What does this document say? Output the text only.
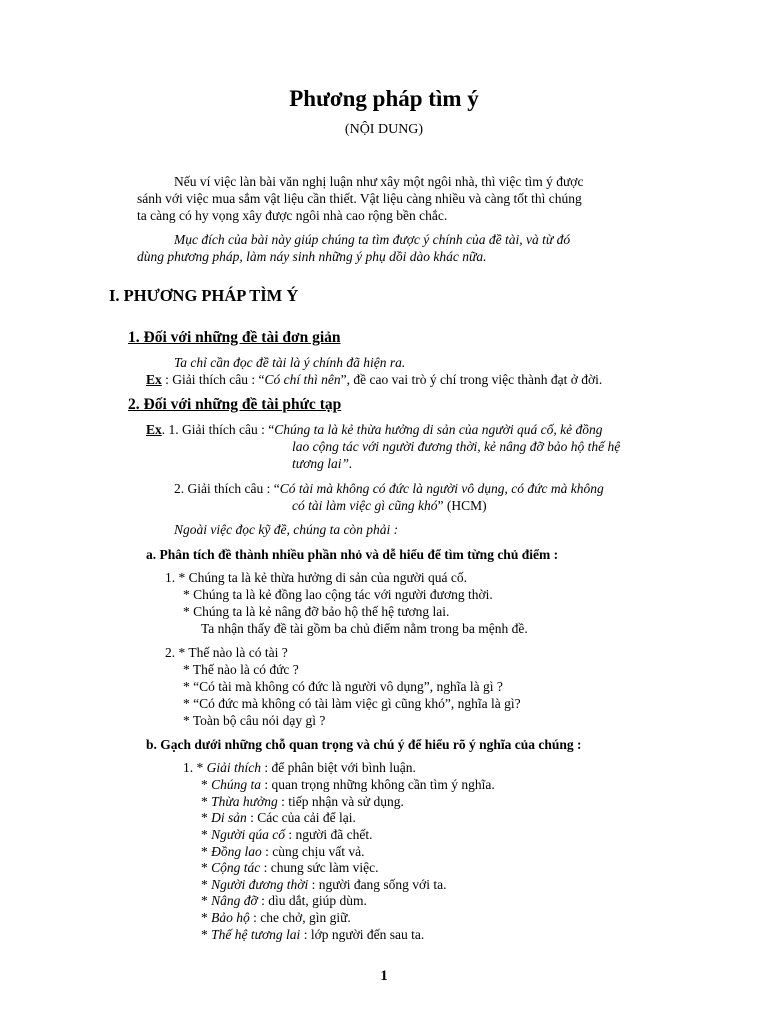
Phương pháp tìm ý
(NỘI DUNG)
Nếu ví việc làn bài văn nghị luận như xây một ngôi nhà, thì việc tìm ý được
sánh với việc mua sắm vật liệu cần thiết. Vật liệu càng nhiều và càng tốt thì chúng
ta càng có hy vọng xây được ngôi nhà cao rộng bền chắc.
Mục đích của bài này giúp chúng ta tìm được ý chính của đề tài, và từ đó
dùng phương pháp, làm náy sinh những ý phụ dồi dào khác nữa.
I. PHƯƠNG PHÁP TÌM Ý
1. Đối với những đề tài đơn giản
Ta chỉ cần đọc đề tài là ý chính đã hiện ra.
Ex : Giải thích câu : “Có chí thì nên”, đề cao vai trò ý chí trong việc thành đạt ở đời.
2. Đối với những đề tài phức tạp
Ex. 1. Giải thích câu : “Chúng ta là kẻ thừa hưởng di sản của người quá cố, kẻ đồng
lao cộng tác với người đương thời, kẻ nâng đỡ bảo hộ thế hệ
tương lai”.
2. Giải thích câu : “Có tài mà không có đức là người vô dụng, có đức mà không
có tài làm việc gì cũng khó” (HCM)
Ngoài việc đọc kỹ đề, chúng ta còn phải :
a. Phân tích đề thành nhiều phần nhỏ và dễ hiểu để tìm từng chủ điểm :
1. * Chúng ta là kẻ thừa hưởng di sản của người quá cố.
* Chúng ta là kẻ đồng lao cộng tác với người đương thời.
* Chúng ta là kẻ nâng đỡ bảo hộ thế hệ tương lai.
Ta nhận thấy đề tài gồm ba chủ điểm nằm trong ba mệnh đề.
2. * Thế nào là có tài ?
* Thế nào là có đức ?
* “Có tài mà không có đức là người vô dụng”, nghĩa là gì ?
* “Có đức mà không có tài làm việc gì cũng khó”, nghĩa là gì?
* Toàn bộ câu nói dạy gì ?
b. Gạch dưới những chỗ quan trọng và chú ý để hiểu rõ ý nghĩa của chúng :
1. * Giải thích : để phân biệt với bình luận.
* Chúng ta : quan trọng những không cần tìm ý nghĩa.
* Thừa hưởng : tiếp nhận và sử dụng.
* Di sản : Các của cải để lại.
* Người qúa cố : người đã chết.
* Đồng lao : cùng chịu vất vả.
* Cộng tác : chung sức làm việc.
* Người đương thời : người đang sống với ta.
* Nâng đỡ : dìu dắt, giúp dùm.
* Bảo hộ : che chở, gìn giữ.
* Thế hệ tương lai : lớp người đến sau ta.
1
